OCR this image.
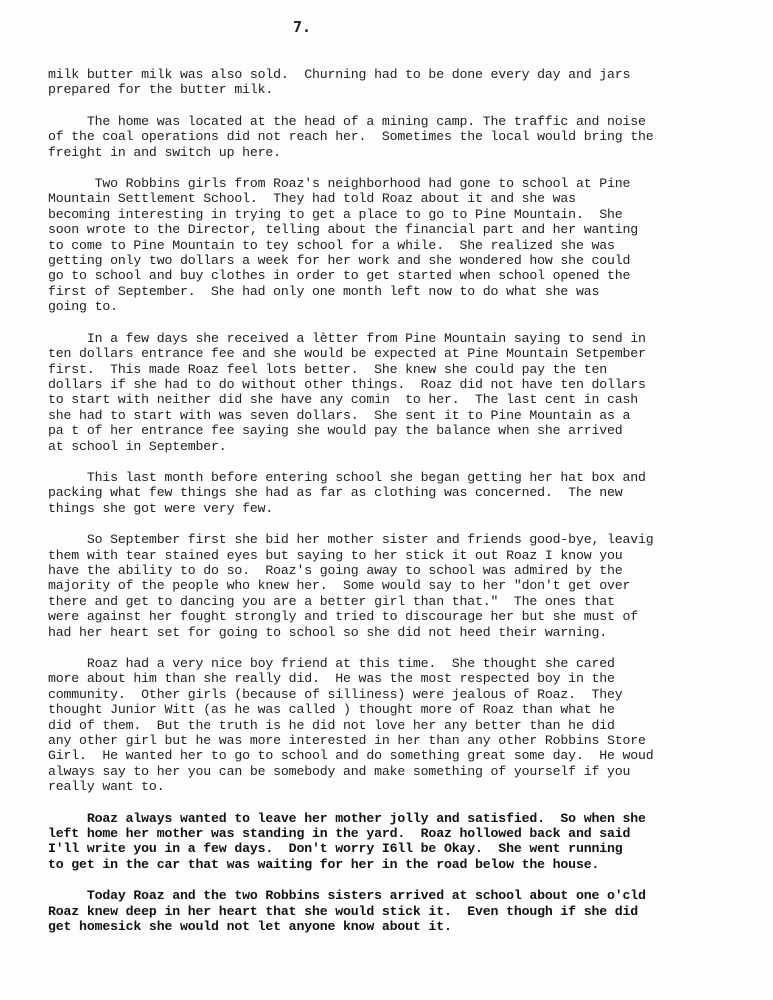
7.
milk butter milk was also sold.  Churning had to be done every day and jars
prepared for the butter milk.
The home was located at the head of a mining camp. The traffic and noise
of the coal operations did not reach her.  Sometimes the local would bring the
freight in and switch up here.
Two Robbins girls from Roaz's neighborhood had gone to school at Pine
Mountain Settlement School.  They had told Roaz about it and she was
becoming interesting in trying to get a place to go to Pine Mountain.  She
soon wrote to the Director, telling about the financial part and her wanting
to come to Pine Mountain to tey school for a while.  She realized she was
getting only two dollars a week for her work and she wondered how she could
go to school and buy clothes in order to get started when school opened the
first of September.  She had only one month left now to do what she was
going to.
In a few days she received a lètter from Pine Mountain saying to send in
ten dollars entrance fee and she would be expected at Pine Mountain Setpember
first.  This made Roaz feel lots better.  She knew she could pay the ten
dollars if she had to do without other things.  Roaz did not have ten dollars
to start with neither did she have any comin  to her.  The last cent in cash
she had to start with was seven dollars.  She sent it to Pine Mountain as a
pa t of her entrance fee saying she would pay the balance when she arrived
at school in September.
This last month before entering school she began getting her hat box and
packing what few things she had as far as clothing was concerned.  The new
things she got were very few.
So September first she bid her mother sister and friends good-bye, leavig
them with tear stained eyes but saying to her stick it out Roaz I know you
have the ability to do so.  Roaz's going away to school was admired by the
majority of the people who knew her.  Some would say to her "don't get over
there and get to dancing you are a better girl than that."  The ones that
were against her fought strongly and tried to discourage her but she must of
had her heart set for going to school so she did not heed their warning.
Roaz had a very nice boy friend at this time.  She thought she cared
more about him than she really did.  He was the most respected boy in the
community.  Other girls (because of silliness) were jealous of Roaz.  They
thought Junior Witt (as he was called ) thought more of Roaz than what he
did of them.  But the truth is he did not love her any better than he did
any other girl but he was more interested in her than any other Robbins Store
Girl.  He wanted her to go to school and do something great some day.  He woud
always say to her you can be somebody and make something of yourself if you
really want to.
Roaz always wanted to leave her mother jolly and satisfied.  So when she
left home her mother was standing in the yard.  Roaz hollowed back and said
I'll write you in a few days.  Don't worry I6ll be Okay.  She went running
to get in the car that was waiting for her in the road below the house.
Today Roaz and the two Robbins sisters arrived at school about one o'cld
Roaz knew deep in her heart that she would stick it.  Even though if she did
get homesick she would not let anyone know about it.
